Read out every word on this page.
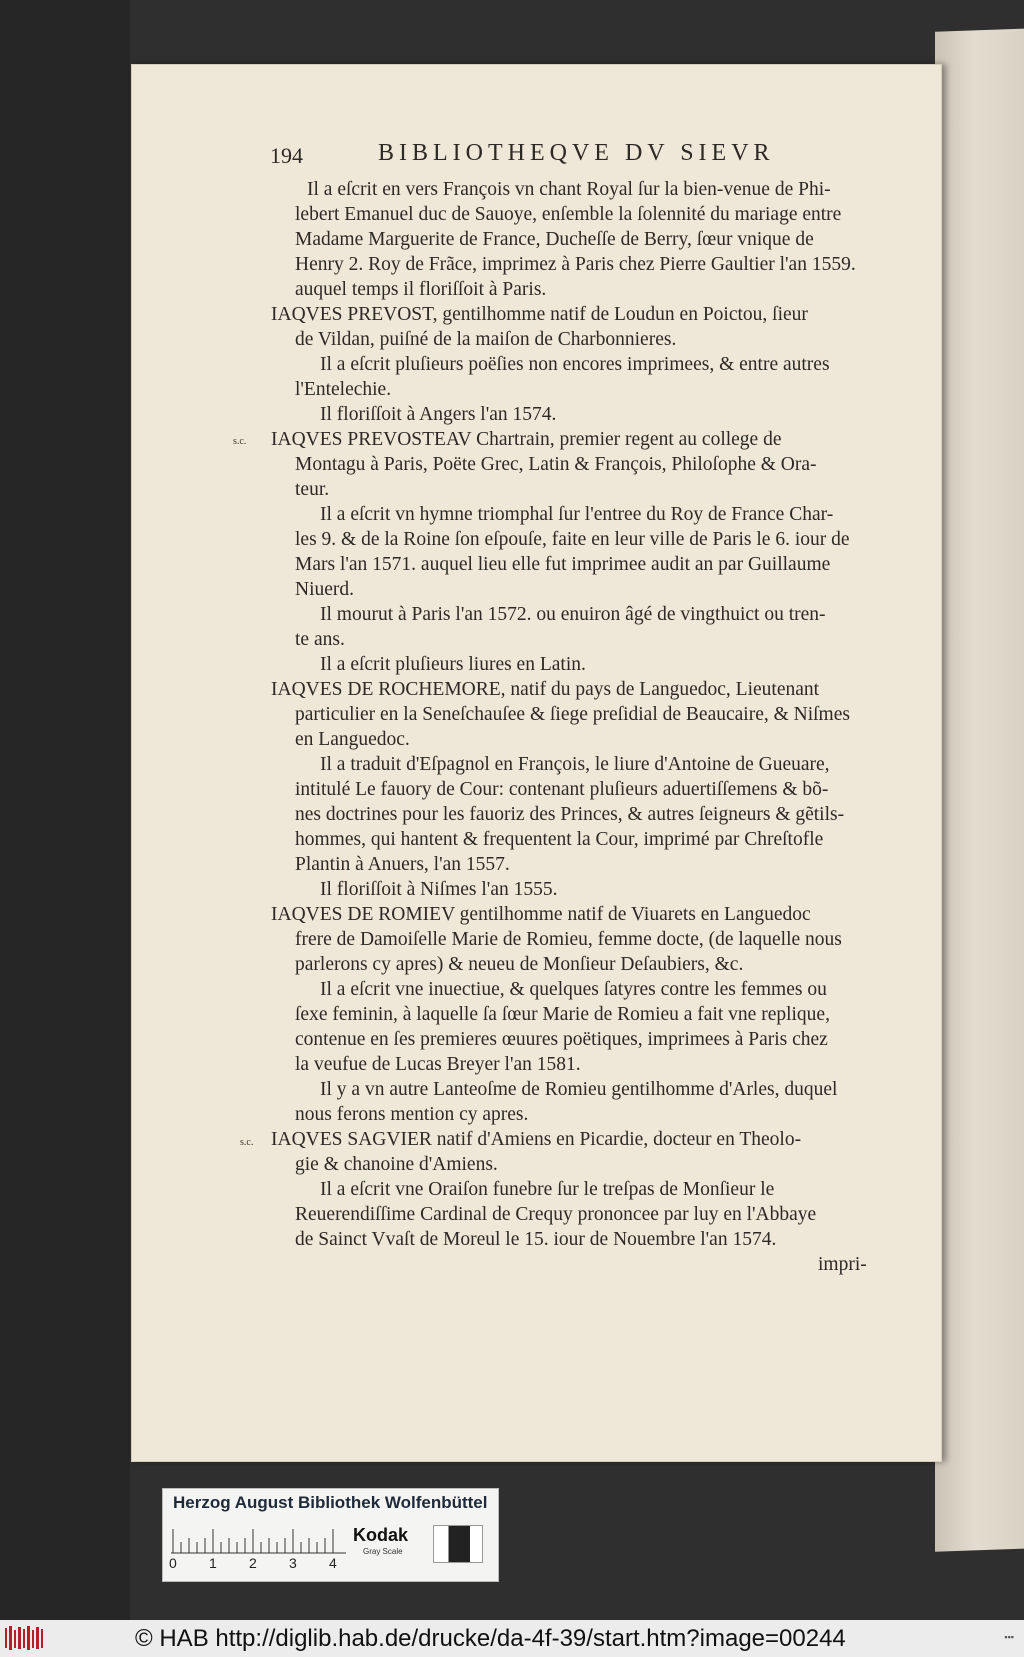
194	BIBLIOTHEQVE DV SIEVR
Il a eſcrit en vers François vn chant Royal ſur la bien-venue de Phi-
lebert Emanuel duc de Sauoye, enſemble la ſolennité du mariage entre
Madame Marguerite de France, Ducheſſe de Berry, ſœur vnique de
Henry 2. Roy de Frãce, imprimez à Paris chez Pierre Gaultier l'an 1559.
auquel temps il floriſſoit à Paris.
IAQVES PREVOST, gentilhomme natif de Loudun en Poictou, ſieur
de Vildan, puiſné de la maiſon de Charbonnieres.
Il a eſcrit pluſieurs poëſies non encores imprimees, & entre autres
l'Entelechie.
Il floriſſoit à Angers l'an 1574.
s.c. IAQVES PREVOSTEAV Chartrain, premier regent au college de
Montagu à Paris, Poëte Grec, Latin & François, Philoſophe & Ora-
teur.
Il a eſcrit vn hymne triomphal ſur l'entree du Roy de France Char-
les 9. & de la Roine ſon eſpouſe, faite en leur ville de Paris le 6. iour de
Mars l'an 1571. auquel lieu elle fut imprimee audit an par Guillaume
Niuerd.
Il mourut à Paris l'an 1572. ou enuiron âgé de vingthuict ou tren-
te ans.
Il a eſcrit pluſieurs liures en Latin.
IAQVES DE ROCHEMORE, natif du pays de Languedoc, Lieutenant
particulier en la Seneſchauſee & ſiege preſidial de Beaucaire, & Niſmes
en Languedoc.
Il a traduit d'Eſpagnol en François, le liure d'Antoine de Gueuare,
intitulé Le fauory de Cour: contenant pluſieurs aduertiſſemens & bõ-
nes doctrines pour les fauoriz des Princes, & autres ſeigneurs & gẽtils-
hommes, qui hantent & frequentent la Cour, imprimé par Chreſtofle
Plantin à Anuers, l'an 1557.
Il floriſſoit à Niſmes l'an 1555.
IAQVES DE ROMIEV gentilhomme natif de Viuarets en Languedoc
frere de Damoiſelle Marie de Romieu, femme docte, (de laquelle nous
parlerons cy apres) & neueu de Monſieur Deſaubiers, &c.
Il a eſcrit vne inuectiue, & quelques ſatyres contre les femmes ou
ſexe feminin, à laquelle ſa ſœur Marie de Romieu a fait vne replique,
contenue en ſes premieres œuures poëtiques, imprimees à Paris chez
la veufue de Lucas Breyer l'an 1581.
Il y a vn autre Lanteoſme de Romieu gentilhomme d'Arles, duquel
nous ferons mention cy apres.
s.c. IAQVES SAGVIER natif d'Amiens en Picardie, docteur en Theolo-
gie & chanoine d'Amiens.
Il a eſcrit vne Oraiſon funebre ſur le treſpas de Monſieur le
Reuerendiſſime Cardinal de Crequy prononcee par luy en l'Abbaye
de Sainct Vvaſt de Moreul le 15. iour de Nouembre l'an 1574.
impri-
Herzog August Bibliothek Wolfenbüttel
0 1 2 3 4
Kodak
Gray Scale
© HAB http://diglib.hab.de/drucke/da-4f-39/start.htm?image=00244	▪▪▪
